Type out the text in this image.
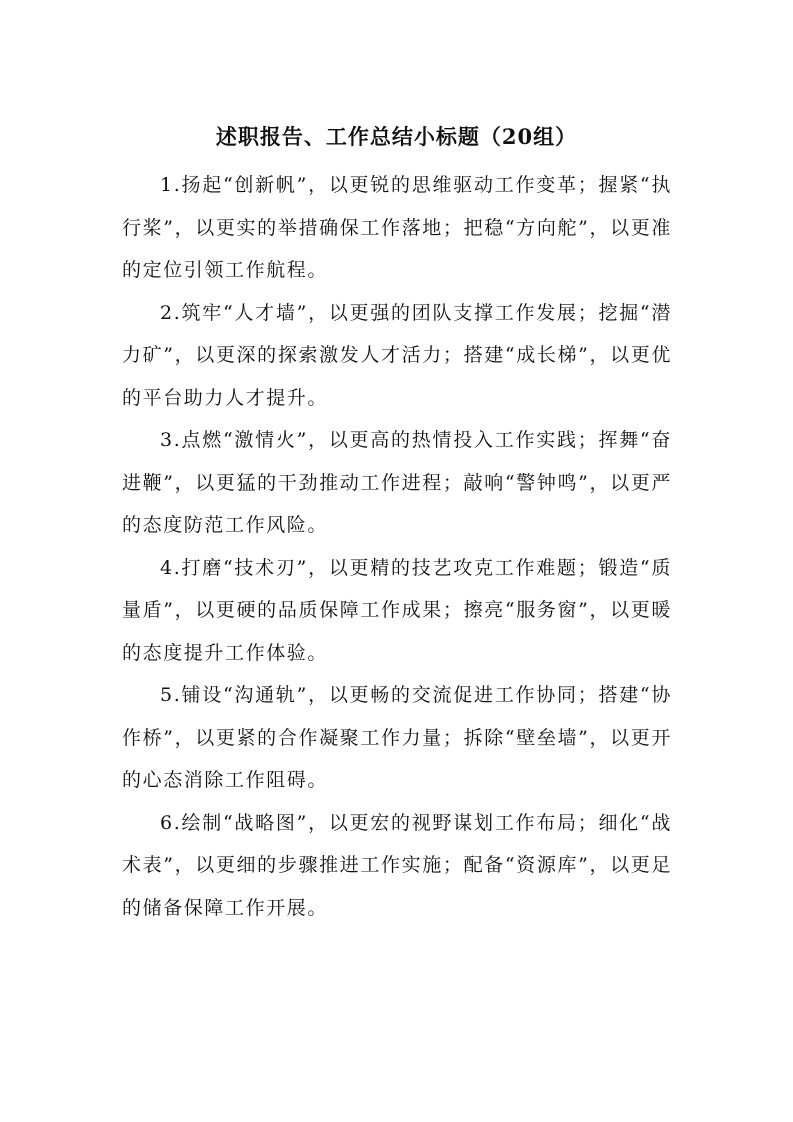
述职报告、工作总结小标题（20组）

1.扬起“创新帆”，以更锐的思维驱动工作变革；握紧“执行桨”，以更实的举措确保工作落地；把稳“方向舵”，以更准的定位引领工作航程。

2.筑牢“人才墙”，以更强的团队支撑工作发展；挖掘“潜力矿”，以更深的探索激发人才活力；搭建“成长梯”，以更优的平台助力人才提升。

3.点燃“激情火”，以更高的热情投入工作实践；挥舞“奋进鞭”，以更猛的干劲推动工作进程；敲响“警钟鸣”，以更严的态度防范工作风险。

4.打磨“技术刃”，以更精的技艺攻克工作难题；锻造“质量盾”，以更硬的品质保障工作成果；擦亮“服务窗”，以更暖的态度提升工作体验。

5.铺设“沟通轨”，以更畅的交流促进工作协同；搭建“协作桥”，以更紧的合作凝聚工作力量；拆除“壁垒墙”，以更开的心态消除工作阻碍。

6.绘制“战略图”，以更宏的视野谋划工作布局；细化“战术表”，以更细的步骤推进工作实施；配备“资源库”，以更足的储备保障工作开展。
